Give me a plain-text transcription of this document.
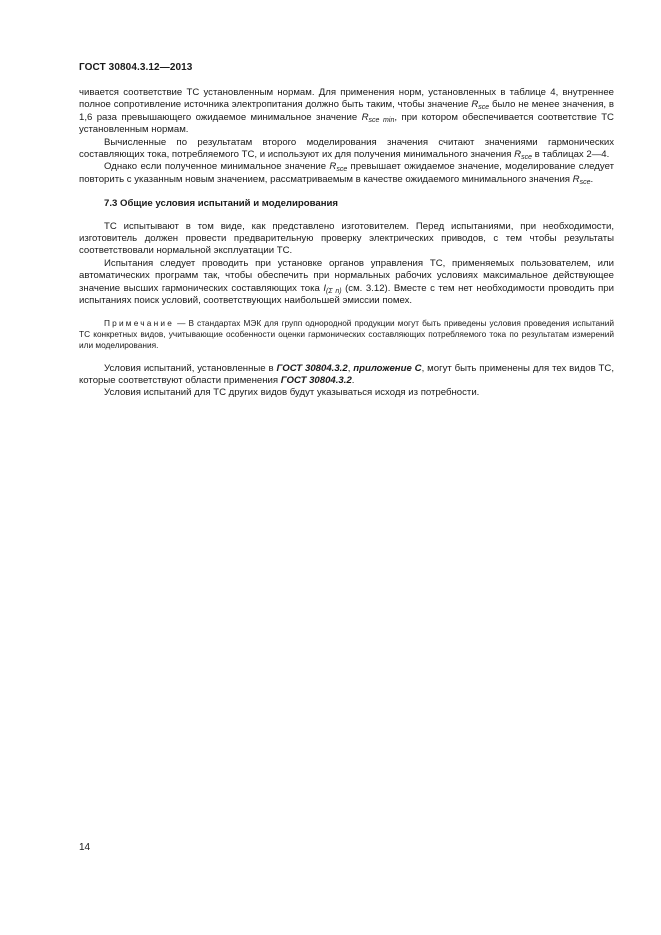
ГОСТ 30804.3.12—2013

чивается соответствие ТС установленным нормам. Для применения норм, установленных в таблице 4, внутреннее полное сопротивление источника электропитания должно быть таким, чтобы значение $R_{sce}$ было не менее значения, в 1,6 раза превышающего ожидаемое минимальное значение $R_{sce min}$, при котором обеспечивается соответствие ТС установленным нормам.

Вычисленные по результатам второго моделирования значения считают значениями гармонических составляющих тока, потребляемого ТС, и используют их для получения минимального значения $R_{sce}$ в таблицах 2—4.

Однако если полученное минимальное значение $R_{sce}$ превышает ожидаемое значение, моделирование следует повторить с указанным новым значением, рассматриваемым в качестве ожидаемого минимального значения $R_{sce}$.

7.3 Общие условия испытаний и моделирования

ТС испытывают в том виде, как представлено изготовителем. Перед испытаниями, при необходимости, изготовитель должен провести предварительную проверку электрических приводов, с тем чтобы результаты соответствовали нормальной эксплуатации ТС.

Испытания следует проводить при установке органов управления ТС, применяемых пользователем, или автоматических программ так, чтобы обеспечить при нормальных рабочих условиях максимальное действующее значение высших гармонических составляющих тока $I_{(\Sigma n)}$ (см. 3.12). Вместе с тем нет необходимости проводить при испытаниях поиск условий, соответствующих наибольшей эмиссии помех.

Примечание — В стандартах МЭК для групп однородной продукции могут быть приведены условия проведения испытаний ТС конкретных видов, учитывающие особенности оценки гармонических составляющих потребляемого тока по результатам измерений или моделирования.

Условия испытаний, установленные в ГОСТ 30804.3.2, приложение С, могут быть применены для тех видов ТС, которые соответствуют области применения ГОСТ 30804.3.2.

Условия испытаний для ТС других видов будут указываться исходя из потребности.

14
